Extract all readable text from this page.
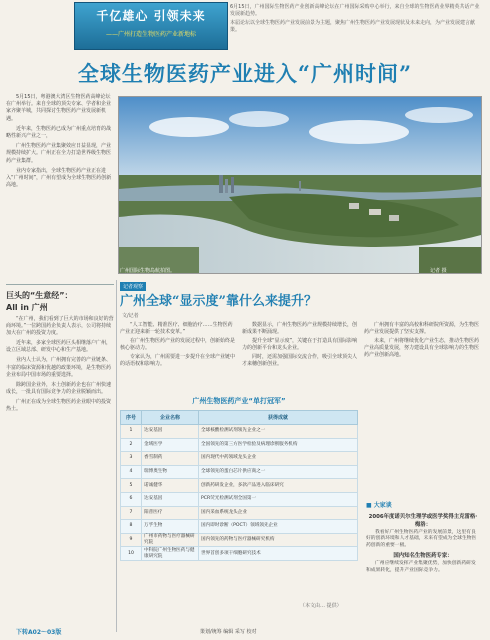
千亿雄心 引领未来
——广州打造生物医药产业新地标

6月15日，广州国际生物医药产业创新高峰论坛在广州国际采购中心举行，来自全球的生物医药业界精英共话产业发展新趋势。

本届论坛以全球生物医药产业发展前景为主题，聚焦广州生物医药产业发展现状及未来走向，为产业发展建言献策。

全球生物医药产业进入“广州时间”

5月15日，粤港澳大湾区生物医药高峰论坛在广州举行。来自全球的顶尖专家、学者和企业家齐聚羊城，共同探讨生物医药产业发展新机遇。

近年来，生物医药已成为广州重点培育的战略性新兴产业之一，

广州生物医药产业集聚效应日益显现，产业规模持续扩大。广州正在全力打造世界级生物医药产业集群。

业内专家指出，全球生物医药产业正在进入“广州时间”，广州有望成为全球生物医药创新高地。

广州国际生物岛航拍图。	记者 摄
巨头的“生意经”：
All in 广州

“在广州，我们看到了巨大的市场和良好的营商环境。”一位跨国药企负责人表示，公司将持续加大在广州的投资力度。

近年来，多家全球医药巨头相继落户广州，设立区域总部、研发中心和生产基地。

业内人士认为，广州拥有完善的产业链条、丰富的临床资源和优越的政策环境，是生物医药企业布局中国市场的重要选择。

除跨国企业外，本土创新药企也在广州快速成长，一批具有国际竞争力的企业脱颖而出。

广州正在成为全球生物医药企业眼中的投资热土。

下转A02～03版
记者观察
广州全球“显示度”靠什么来提升？
文/记者

“人工智能、精准医疗、细胞治疗……生物医药产业正迎来新一轮技术变革。”

在广州生物医药产业的发展过程中，创新始终是核心驱动力。

专家认为，广州需要进一步提升在全球产业链中的话语权和影响力。

数据显示，广州生物医药产业规模持续增长，创新成果不断涌现。

提升全球“显示度”，关键在于打造具有国际影响力的创新平台和龙头企业。

同时，还需加强国际交流合作，吸引全球顶尖人才来穗创新创业。

广州拥有丰富的高校和科研院所资源，为生物医药产业发展提供了坚实支撑。

未来，广州将继续优化产业生态，推动生物医药产业高质量发展，努力建设具有全球影响力的生物医药产业创新高地。

广州生物医药产业“单打冠军”
序号	企业名称	获得成就
1	达安基因	全球核酸检测试剂领先企业之一
2	金域医学	全国领先的第三方医学检验及病理诊断服务机构
3	香雪制药	国内现代中药领域龙头企业
4	瑞博奥生物	全球领先的蛋白芯片供应商之一
5	诺诚健华	创新药研发企业，多款产品进入临床研究
6	达安基因	PCR荧光检测试剂全国第一
7	阳普医疗	国内采血系统龙头企业
8	万孚生物	国内即时诊断（POCT）领域领先企业
9	广州市药物与医疗器械研究院	国内领先的药物与医疗器械研究机构
10	中科院广州生物医药与健康研究院	世界首创多项干细胞研究技术
（本文由… 提供）
■ 大家谈
2006年度诺贝尔生理学或医学奖得主克雷格·梅洛：

我看好广州生物医药产业的发展前景，这里有良好的创新环境和人才基础，未来有望成为全球生物医药创新的重要一极。

国内知名生物医药专家：

广州应继续发挥产业集聚优势，加快创新药研发和成果转化，提升产业国际竞争力。

策划/统筹 编辑 采写 校对
